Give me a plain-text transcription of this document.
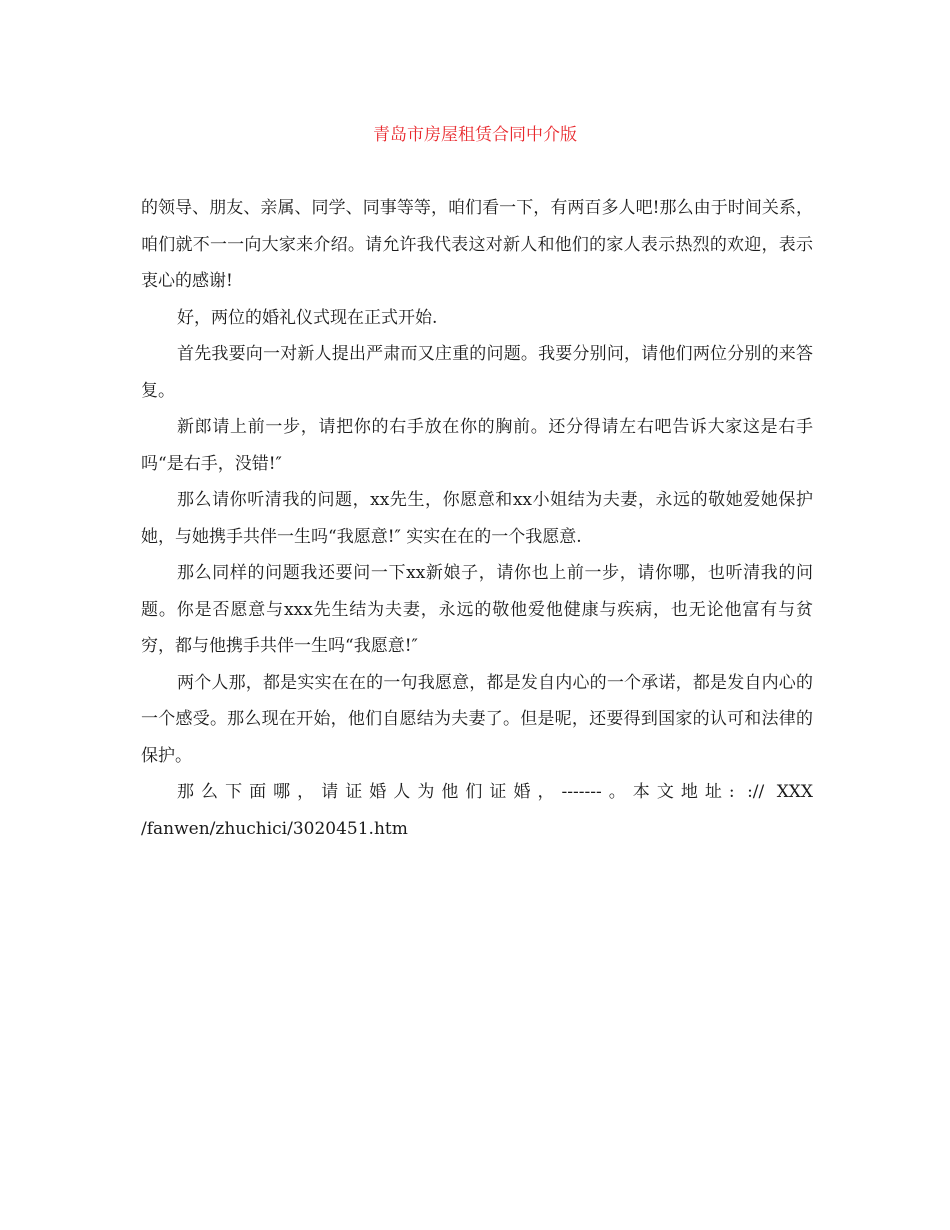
青岛市房屋租赁合同中介版

的领导、朋友、亲属、同学、同事等等，咱们看一下，有两百多人吧!那么由于时间关系，咱们就不一一向大家来介绍。请允许我代表这对新人和他们的家人表示热烈的欢迎，表示衷心的感谢!

好，两位的婚礼仪式现在正式开始.

首先我要向一对新人提出严肃而又庄重的问题。我要分别问，请他们两位分别的来答复。

新郎请上前一步，请把你的右手放在你的胸前。还分得请左右吧告诉大家这是右手吗“是右手，没错!″

那么请你听清我的问题，xx先生，你愿意和xx小姐结为夫妻，永远的敬她爱她保护她，与她携手共伴一生吗“我愿意!″ 实实在在的一个我愿意.

那么同样的问题我还要问一下xx新娘子，请你也上前一步，请你哪，也听清我的问题。你是否愿意与xxx先生结为夫妻，永远的敬他爱他健康与疾病，也无论他富有与贫穷，都与他携手共伴一生吗“我愿意!″

两个人那，都是实实在在的一句我愿意，都是发自内心的一个承诺，都是发自内心的一个感受。那么现在开始，他们自愿结为夫妻了。但是呢，还要得到国家的认可和法律的保护。

那么下面哪，请证婚人为他们证婚，-------。本文地址: :// XXX /fanwen/zhuchici/3020451.htm
